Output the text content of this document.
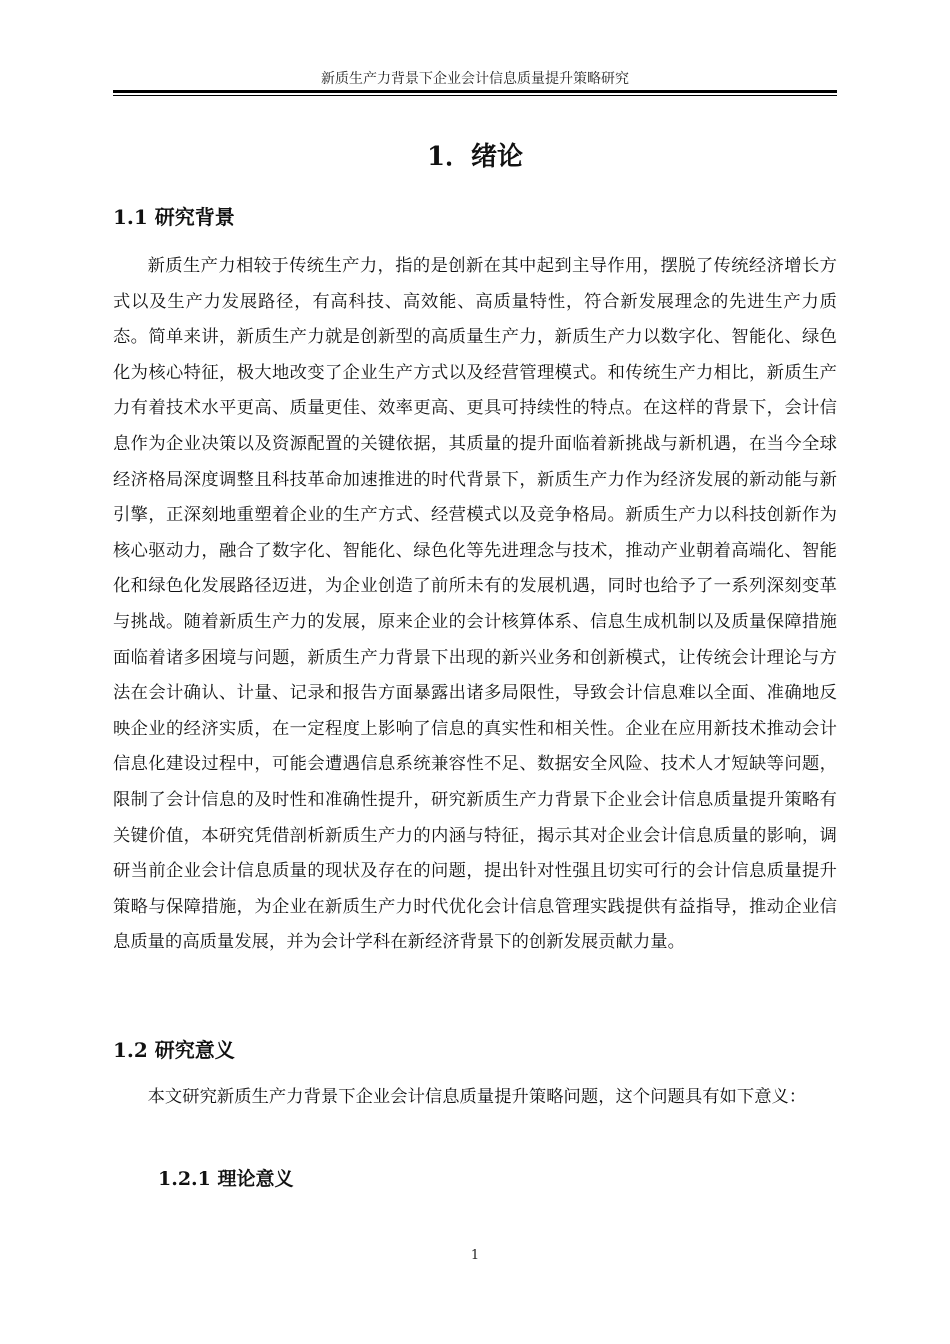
新质生产力背景下企业会计信息质量提升策略研究
1．绪论
1.1 研究背景

新质生产力相较于传统生产力，指的是创新在其中起到主导作用，摆脱了传统经济增长方式以及生产力发展路径，有高科技、高效能、高质量特性，符合新发展理念的先进生产力质态。简单来讲，新质生产力就是创新型的高质量生产力，新质生产力以数字化、智能化、绿色化为核心特征，极大地改变了企业生产方式以及经营管理模式。和传统生产力相比，新质生产力有着技术水平更高、质量更佳、效率更高、更具可持续性的特点。在这样的背景下，会计信息作为企业决策以及资源配置的关键依据，其质量的提升面临着新挑战与新机遇，在当今全球经济格局深度调整且科技革命加速推进的时代背景下，新质生产力作为经济发展的新动能与新引擎，正深刻地重塑着企业的生产方式、经营模式以及竞争格局。新质生产力以科技创新作为核心驱动力，融合了数字化、智能化、绿色化等先进理念与技术，推动产业朝着高端化、智能化和绿色化发展路径迈进，为企业创造了前所未有的发展机遇，同时也给予了一系列深刻变革与挑战。随着新质生产力的发展，原来企业的会计核算体系、信息生成机制以及质量保障措施面临着诸多困境与问题，新质生产力背景下出现的新兴业务和创新模式，让传统会计理论与方法在会计确认、计量、记录和报告方面暴露出诸多局限性，导致会计信息难以全面、准确地反映企业的经济实质，在一定程度上影响了信息的真实性和相关性。企业在应用新技术推动会计信息化建设过程中，可能会遭遇信息系统兼容性不足、数据安全风险、技术人才短缺等问题，限制了会计信息的及时性和准确性提升，研究新质生产力背景下企业会计信息质量提升策略有关键价值，本研究凭借剖析新质生产力的内涵与特征，揭示其对企业会计信息质量的影响，调研当前企业会计信息质量的现状及存在的问题，提出针对性强且切实可行的会计信息质量提升策略与保障措施，为企业在新质生产力时代优化会计信息管理实践提供有益指导，推动企业信息质量的高质量发展，并为会计学科在新经济背景下的创新发展贡献力量。

1.2 研究意义

本文研究新质生产力背景下企业会计信息质量提升策略问题，这个问题具有如下意义：

1.2.1 理论意义
1
